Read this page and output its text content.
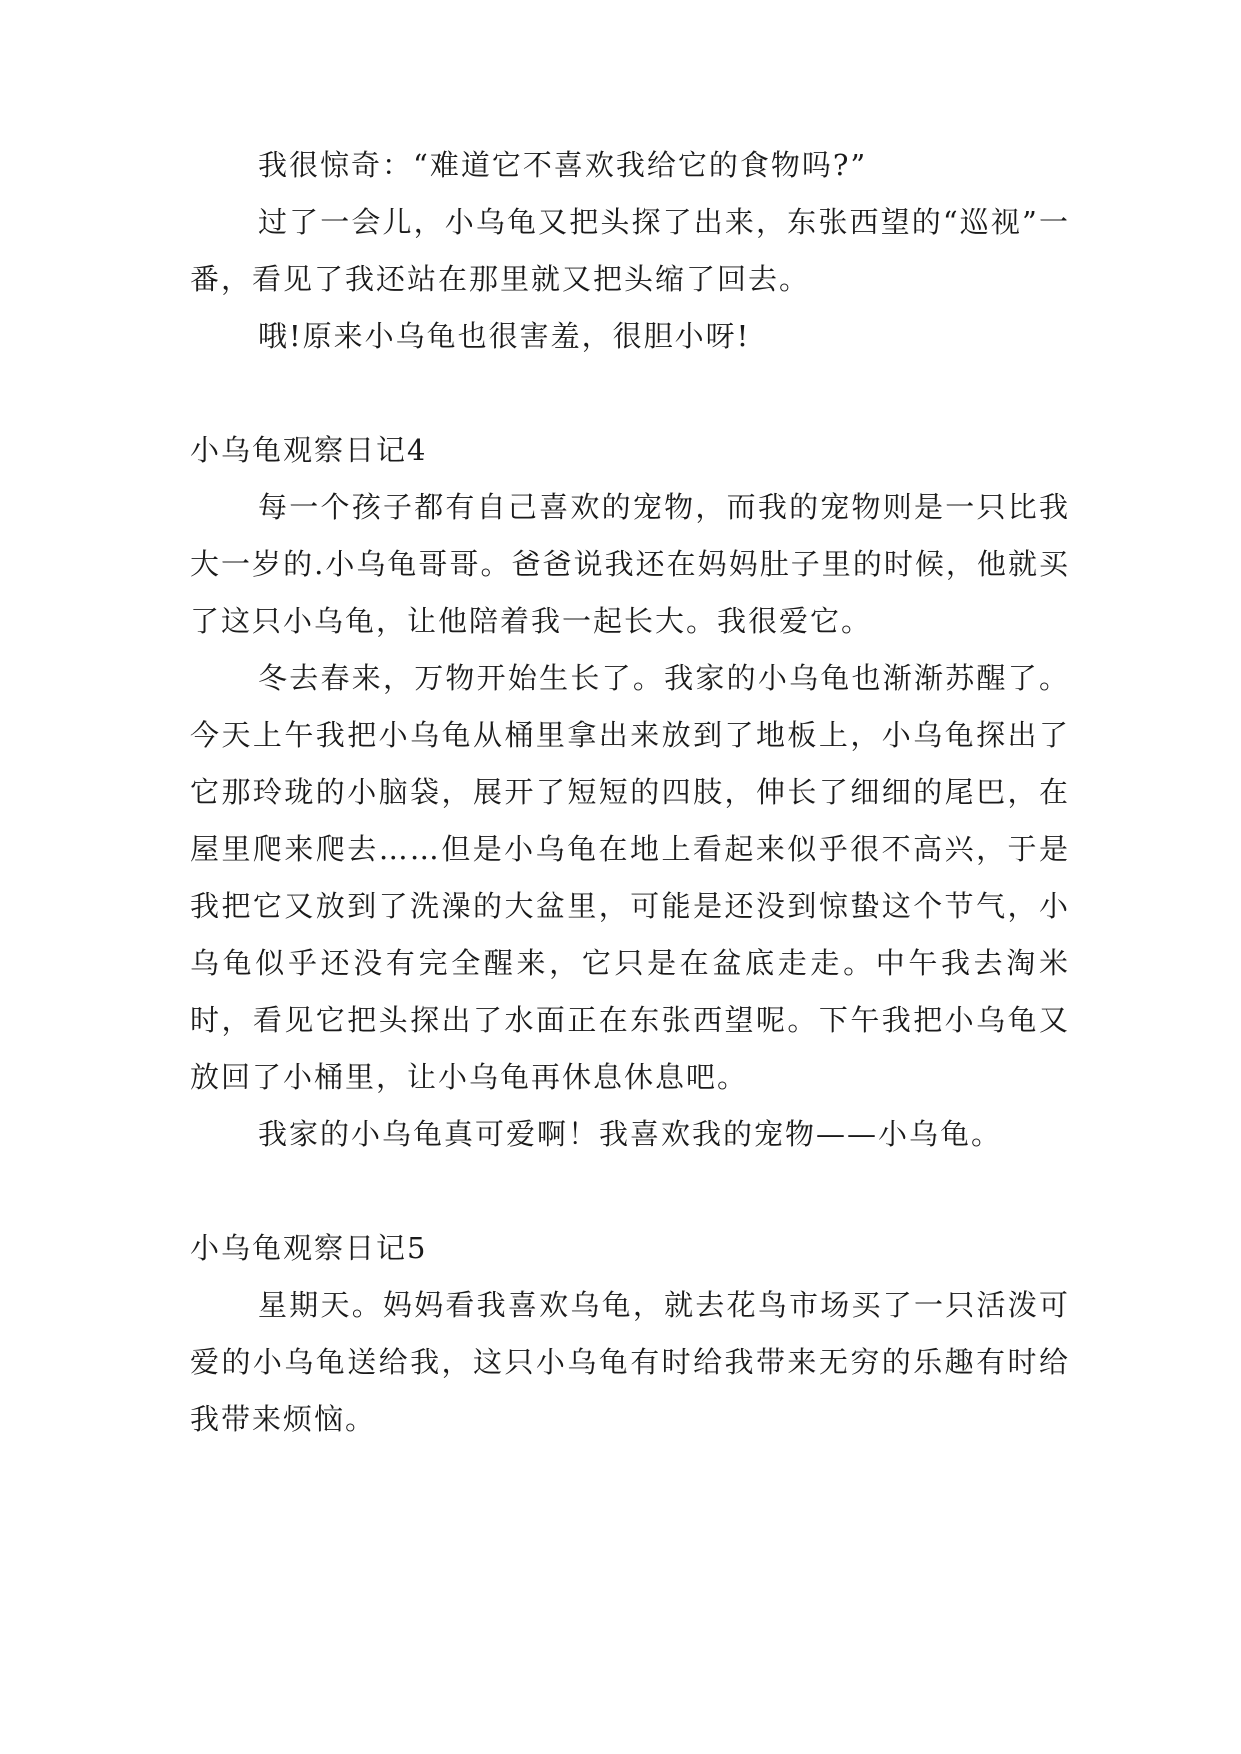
我很惊奇：“难道它不喜欢我给它的食物吗?”

过了一会儿，小乌龟又把头探了出来，东张西望的“巡视”一番，看见了我还站在那里就又把头缩了回去。

哦!原来小乌龟也很害羞，很胆小呀!

小乌龟观察日记4

每一个孩子都有自己喜欢的宠物，而我的宠物则是一只比我大一岁的.小乌龟哥哥。爸爸说我还在妈妈肚子里的时候，他就买了这只小乌龟，让他陪着我一起长大。我很爱它。

冬去春来，万物开始生长了。我家的小乌龟也渐渐苏醒了。今天上午我把小乌龟从桶里拿出来放到了地板上，小乌龟探出了它那玲珑的小脑袋，展开了短短的四肢，伸长了细细的尾巴，在屋里爬来爬去……但是小乌龟在地上看起来似乎很不高兴，于是我把它又放到了洗澡的大盆里，可能是还没到惊蛰这个节气，小乌龟似乎还没有完全醒来，它只是在盆底走走。中午我去淘米时，看见它把头探出了水面正在东张西望呢。下午我把小乌龟又放回了小桶里，让小乌龟再休息休息吧。

我家的小乌龟真可爱啊！我喜欢我的宠物——小乌龟。

小乌龟观察日记5

星期天。妈妈看我喜欢乌龟，就去花鸟市场买了一只活泼可爱的小乌龟送给我，这只小乌龟有时给我带来无穷的乐趣有时给我带来烦恼。
